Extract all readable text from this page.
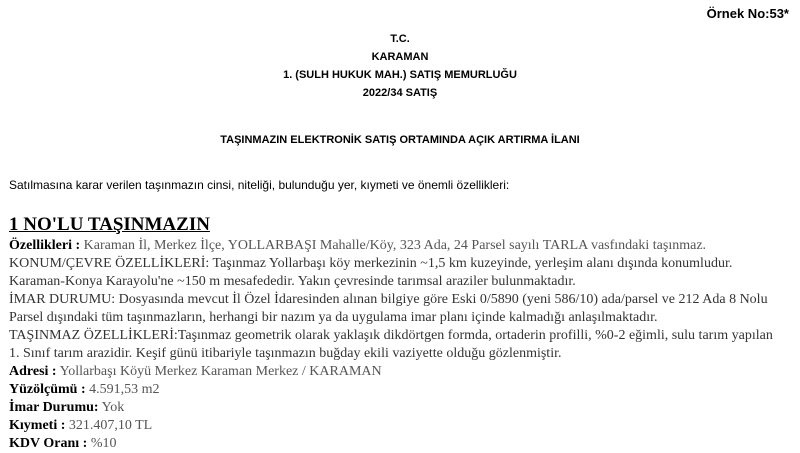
Örnek No:53*
T.C.
KARAMAN
1. (SULH HUKUK MAH.) SATIŞ MEMURLUĞU
2022/34 SATIŞ
TAŞINMAZIN ELEKTRONİK SATIŞ ORTAMINDA AÇIK ARTIRMA İLANI
Satılmasına karar verilen taşınmazın cinsi, niteliği, bulunduğu yer, kıymeti ve önemli özellikleri:
1 NO'LU TAŞINMAZIN

Özellikleri : Karaman İl, Merkez İlçe, YOLLARBAŞI Mahalle/Köy, 323 Ada, 24 Parsel sayılı TARLA vasfındaki taşınmaz.

KONUM/ÇEVRE ÖZELLİKLERİ: Taşınmaz Yollarbaşı köy merkezinin ~1,5 km kuzeyinde, yerleşim alanı dışında konumludur. Karaman-Konya Karayolu'ne ~150 m mesafededir. Yakın çevresinde tarımsal araziler bulunmaktadır.

İMAR DURUMU: Dosyasında mevcut İl Özel İdaresinden alınan bilgiye göre Eski 0/5890 (yeni 586/10) ada/parsel ve 212 Ada 8 Nolu Parsel dışındaki tüm taşınmazların, herhangi bir nazım ya da uygulama imar planı içinde kalmadığı anlaşılmaktadır.

TAŞINMAZ ÖZELLİKLERİ:Taşınmaz geometrik olarak yaklaşık dikdörtgen formda, ortaderin profilli, %0-2 eğimli, sulu tarım yapılan 1. Sınıf tarım arazidir. Keşif günü itibariyle taşınmazın buğday ekili vaziyette olduğu gözlenmiştir.

Adresi : Yollarbaşı Köyü Merkez Karaman Merkez / KARAMAN

Yüzölçümü : 4.591,53 m2

İmar Durumu: Yok

Kıymeti : 321.407,10 TL

KDV Oranı : %10
